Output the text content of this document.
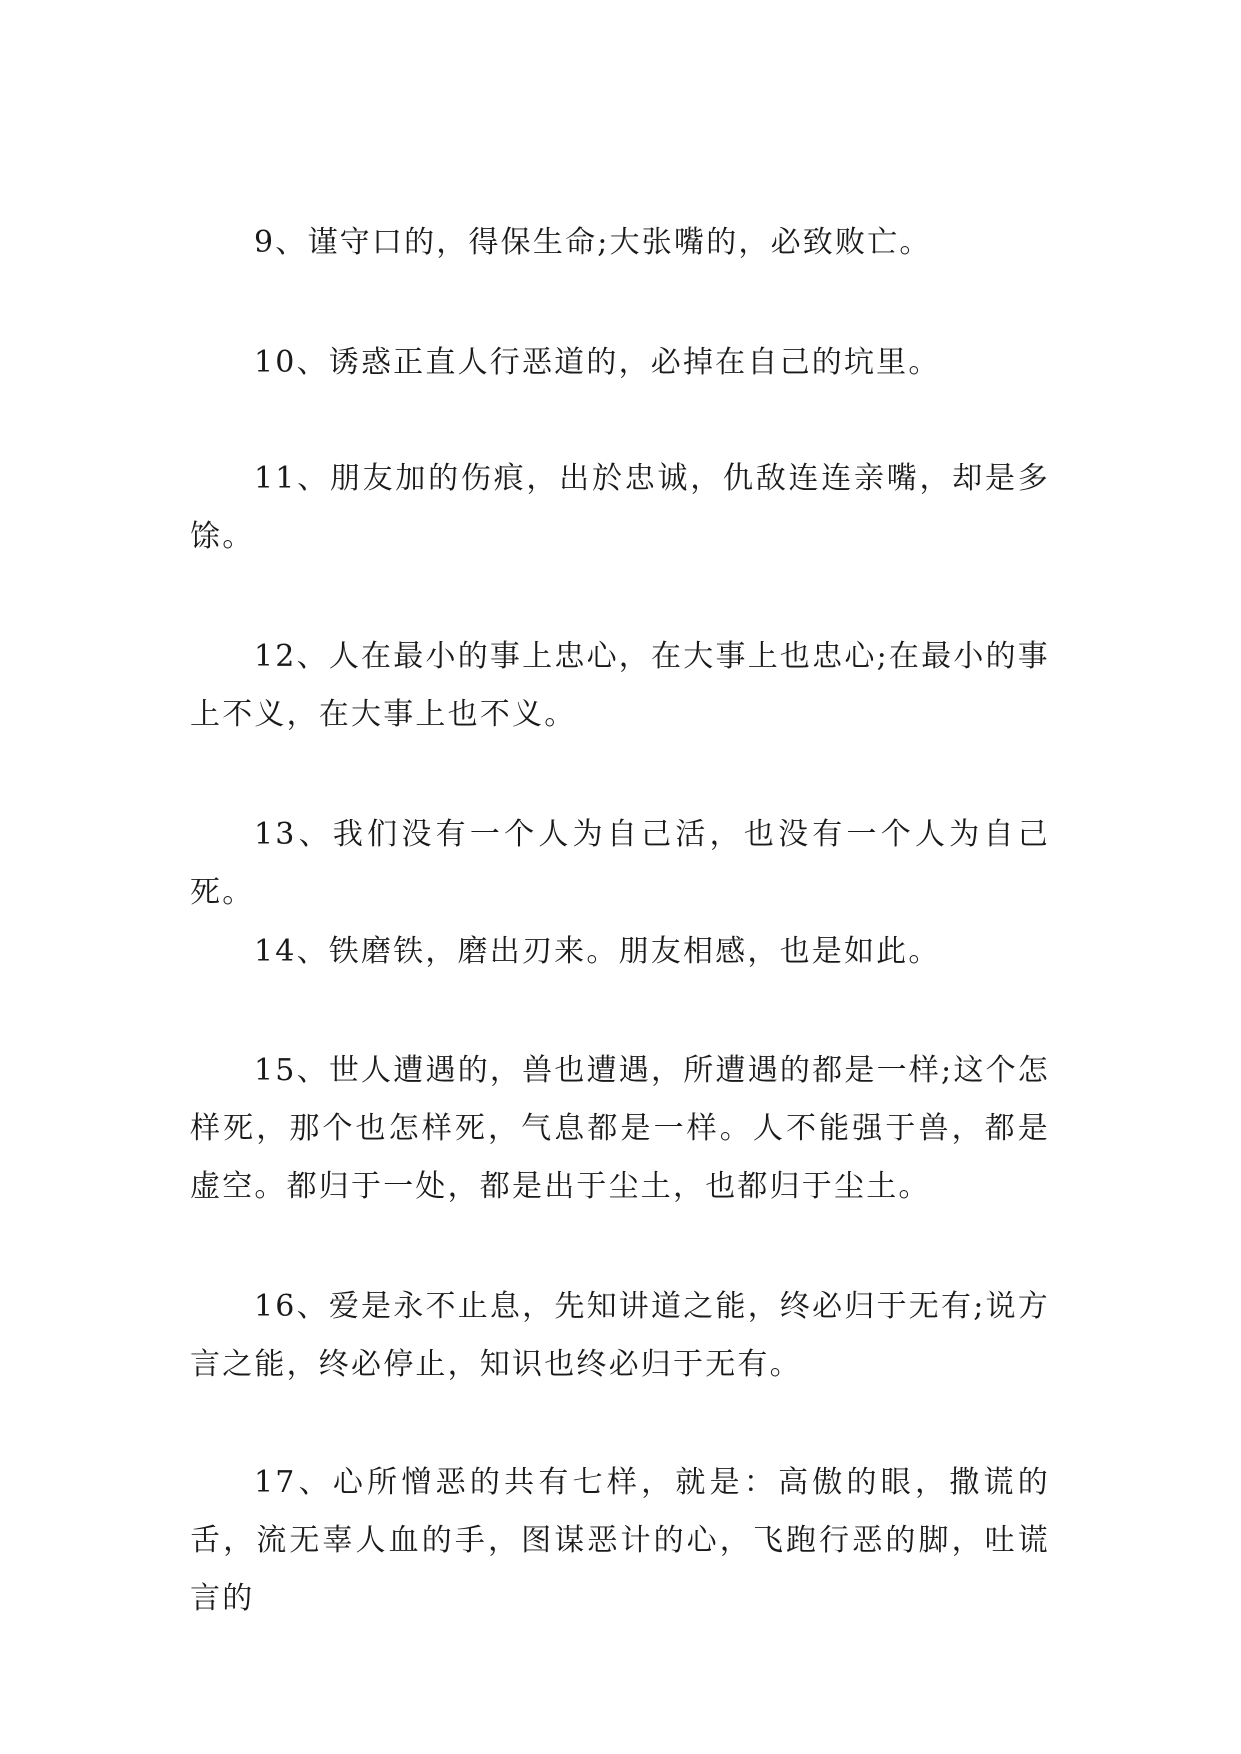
9、谨守口的，得保生命;大张嘴的，必致败亡。

10、诱惑正直人行恶道的，必掉在自己的坑里。

11、朋友加的伤痕，出於忠诚，仇敌连连亲嘴，却是多馀。

12、人在最小的事上忠心，在大事上也忠心;在最小的事上不义，在大事上也不义。

13、我们没有一个人为自己活，也没有一个人为自己死。

14、铁磨铁，磨出刃来。朋友相感，也是如此。

15、世人遭遇的，兽也遭遇，所遭遇的都是一样;这个怎样死，那个也怎样死，气息都是一样。人不能强于兽，都是虚空。都归于一处，都是出于尘土，也都归于尘土。

16、爱是永不止息，先知讲道之能，终必归于无有;说方言之能，终必停止，知识也终必归于无有。

17、心所憎恶的共有七样，就是：高傲的眼，撒谎的舌，流无辜人血的手，图谋恶计的心，飞跑行恶的脚，吐谎言的
